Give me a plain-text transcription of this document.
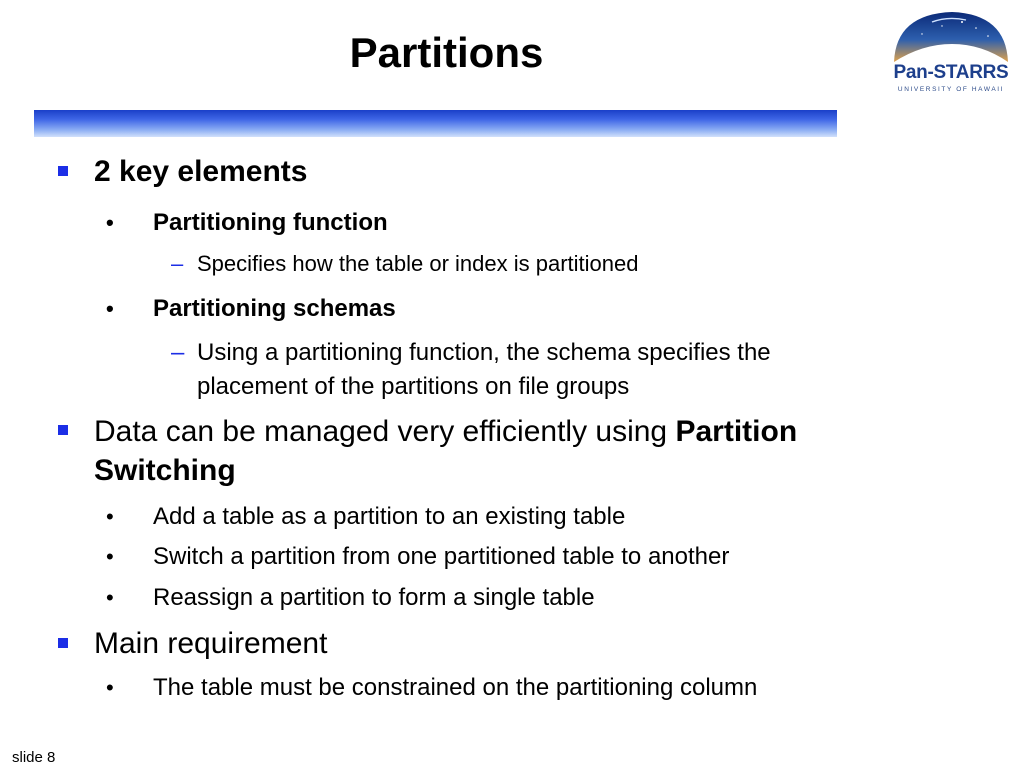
Partitions	Pan-STARRS
UNIVERSITY OF HAWAII
2 key elements
• Partitioning function
– Specifies how the table or index is partitioned
• Partitioning schemas
– Using a partitioning function, the schema specifies the placement of the partitions on file groups
Data can be managed very efficiently using Partition Switching
• Add a table as a partition to an existing table
• Switch a partition from one partitioned table to another
• Reassign a partition to form a single table
Main requirement
• The table must be constrained on the partitioning column
slide 8
